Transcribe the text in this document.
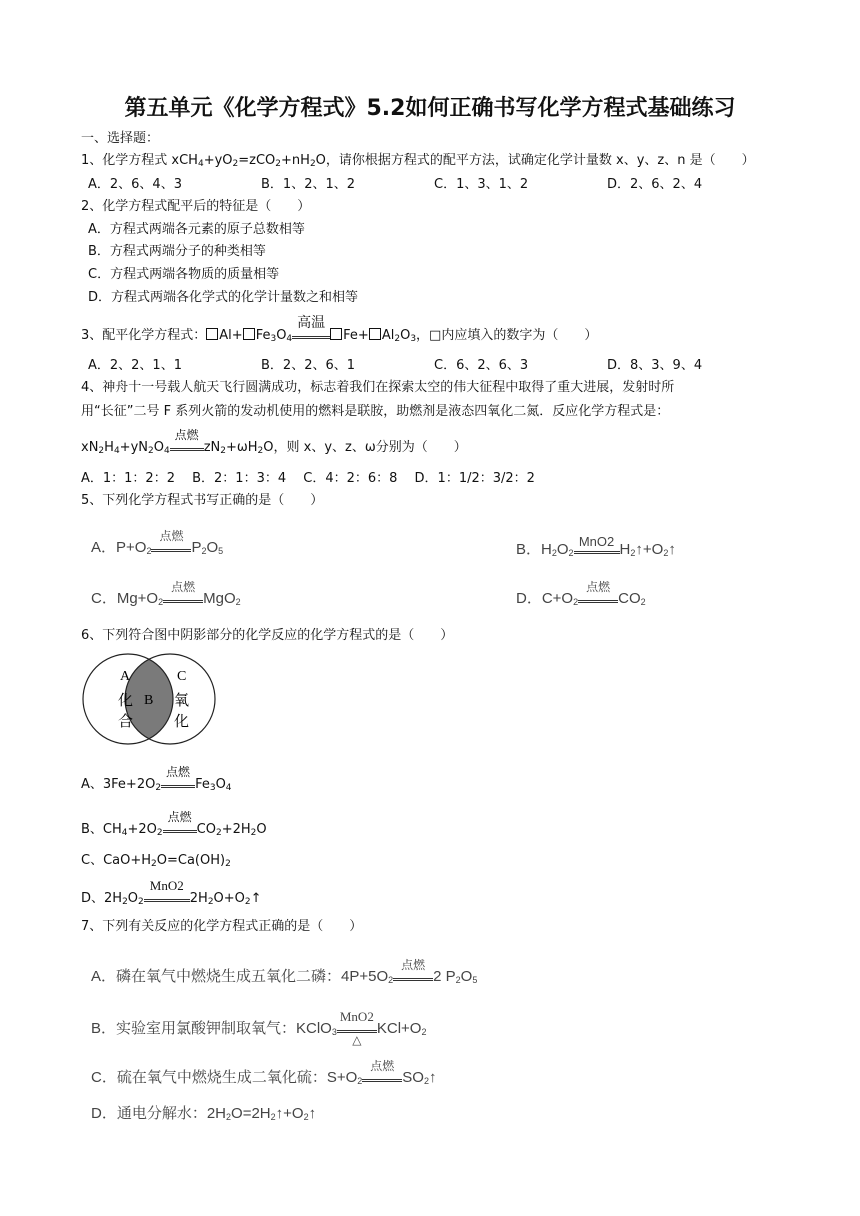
第五单元《化学方程式》5.2如何正确书写化学方程式基础练习
一、选择题：
1、化学方程式 $xCH_4+yO_2=zCO_2+nH_2O$，请你根据方程式的配平方法，试确定化学计量数 x、y、z、n 是（　　）
A．2、6、4、3	B．1、2、1、2	C．1、3、1、2	D．2、6、2、4
2、化学方程式配平后的特征是（　　）
A．方程式两端各元素的原子总数相等
B．方程式两端分子的种类相等
C．方程式两端各物质的质量相等
D．方程式两端各化学式的化学计量数之和相等
3、配平化学方程式： $Al+ Fe_3O_4$
高温
$Fe+ Al_2O_3$，□内应填入的数字为（　　）
A．2、2、1、1	B．2、2、6、1	C．6、2、6、3	D．8、3、9、4
4、神舟十一号载人航天飞行圆满成功，标志着我们在探索太空的伟大征程中取得了重大进展，发射时所
用“长征”二号 F 系列火箭的发动机使用的燃料是联胺，助燃剂是液态四氧化二氮．反应化学方程式是：
$xN_2H_4+yN_2O_4$
点燃
$zN_2+\omega H_2O$，则 x、y、z、ω分别为（　　）
A．1：1：2：2　 B．2：1：3：4　 C．4：2：6：8　 D．1：1/2：3/2：2
5、下列化学方程式书写正确的是（　　）
A．$P+O_2$
点燃
$P_2O_5$	B．$H_2O_2$
MnO2 $H_2↑+O_2↑$
C．$Mg+O_2$
点燃
MgO$_2$	D．$C+O_2$
点燃
$CO_2$
6、下列符合图中阴影部分的化学反应的化学方程式的是（　　）
A
化
合
B
C
氧
化
A、$3Fe+2O_2$
点燃
$Fe_3O_4$
B、$CH_4+2O_2$
点燃
$CO_2+2H_2O$
C、$CaO+H_2O=Ca(OH)_2$
D、$2H_2O_2$
MnO2
$2H_2O+O_2↑$
7、下列有关反应的化学方程式正确的是（　　）
A．磷在氧气中燃烧生成五氧化二磷：$4P+5O_2$
点燃
2 $P_2O_5$
B．实验室用氯酸钾制取氧气：KClO$_3$
MnO2
△
$KCl+O_2$
C．硫在氧气中燃烧生成二氧化硫：$S+O_2$
点燃
$SO_2↑$
D．通电分解水：$2H_2O=2H_2↑+O_2↑$
